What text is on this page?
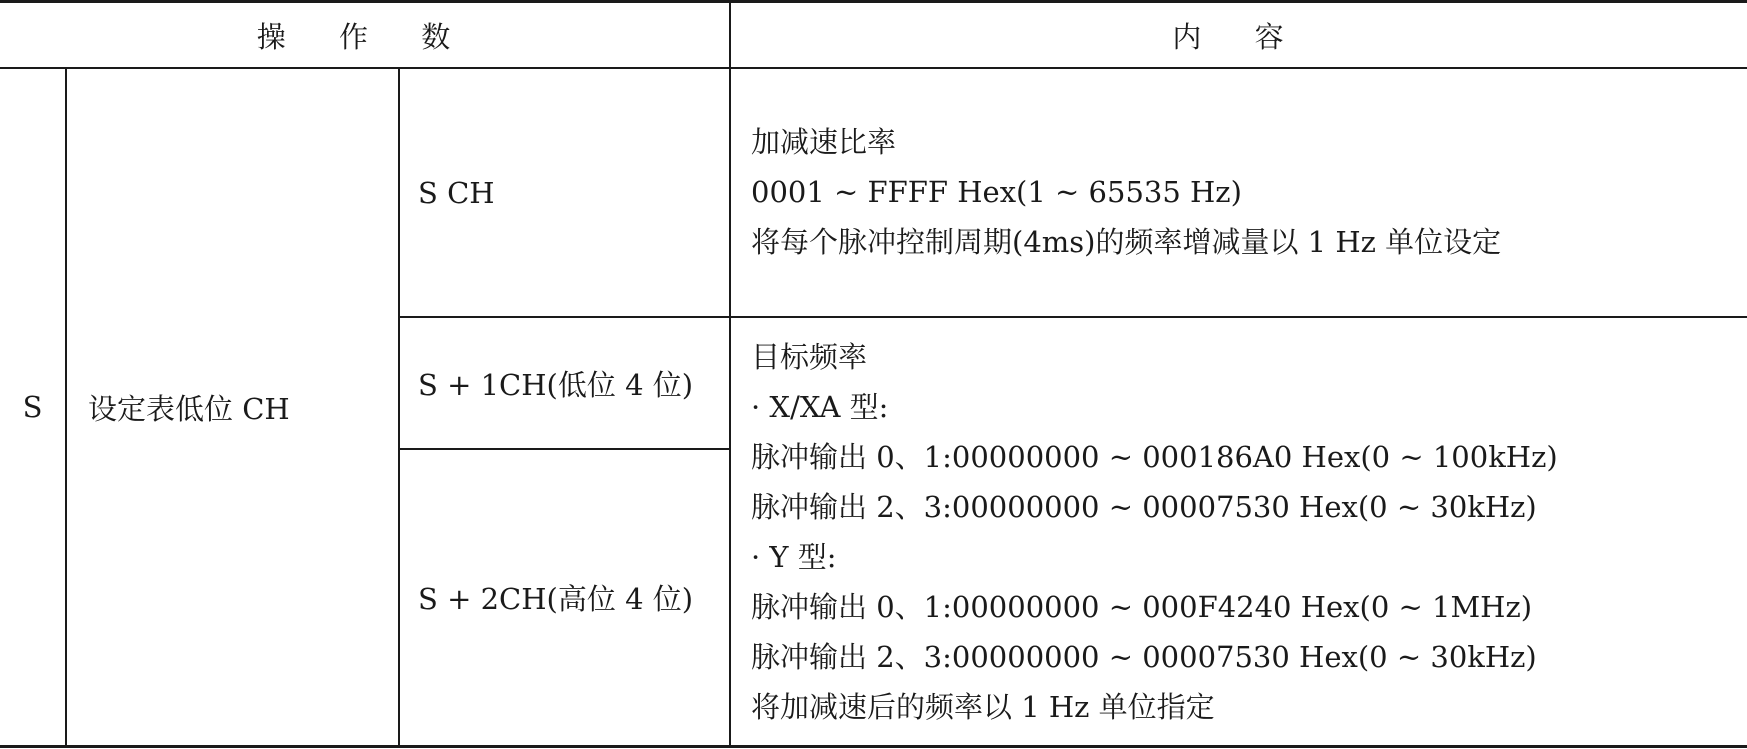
操 作 数	内 容
S	设定表低位 CH
S CH
S + 1CH(低位 4 位)
S + 2CH(高位 4 位)
加减速比率
0001 ~ FFFF Hex(1 ~ 65535 Hz)
将每个脉冲控制周期(4ms)的频率增减量以 1 Hz 单位设定
目标频率
· X/XA 型:
脉冲输出 0、1:00000000 ~ 000186A0 Hex(0 ~ 100kHz)
脉冲输出 2、3:00000000 ~ 00007530 Hex(0 ~ 30kHz)
· Y 型:
脉冲输出 0、1:00000000 ~ 000F4240 Hex(0 ~ 1MHz)
脉冲输出 2、3:00000000 ~ 00007530 Hex(0 ~ 30kHz)
将加减速后的频率以 1 Hz 单位指定
